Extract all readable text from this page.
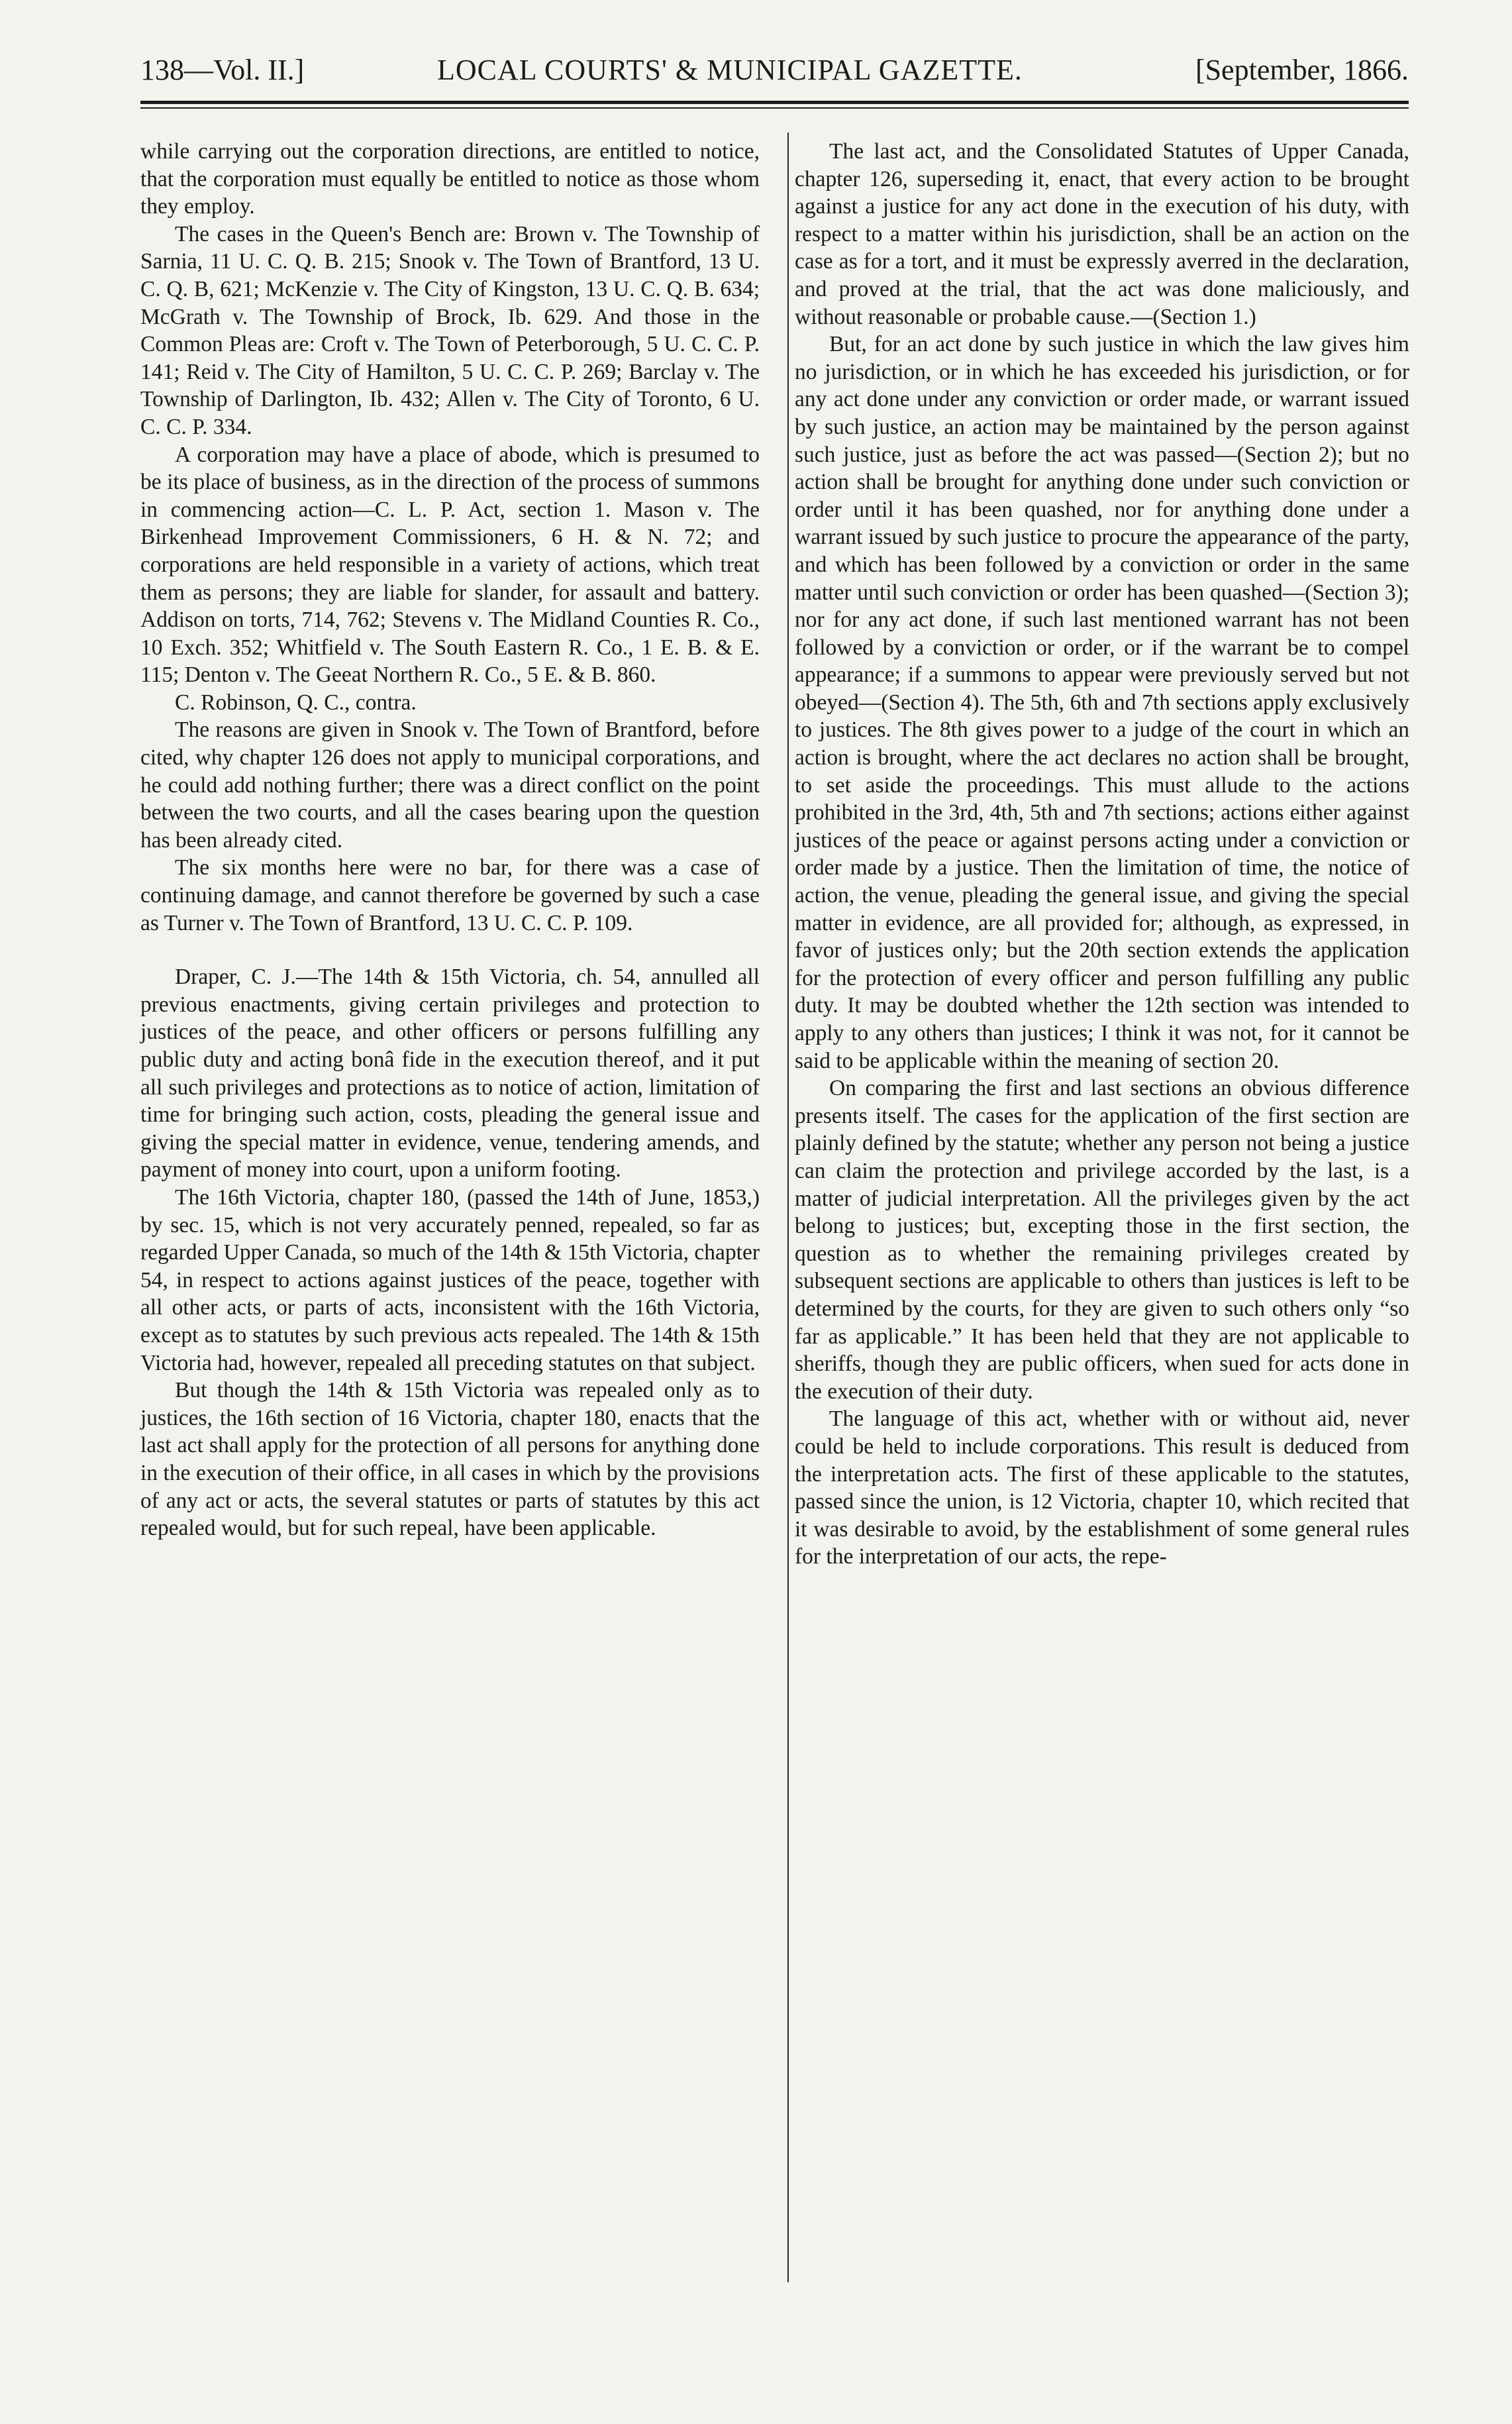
138—Vol. II.]	LOCAL COURTS' & MUNICIPAL GAZETTE.	[September, 1866.

while carrying out the corporation directions, are entitled to notice, that the corporation must equally be entitled to notice as those whom they employ.

The cases in the Queen's Bench are: Brown v. The Township of Sarnia, 11 U. C. Q. B. 215; Snook v. The Town of Brantford, 13 U. C. Q. B, 621; McKenzie v. The City of Kingston, 13 U. C. Q. B. 634; McGrath v. The Township of Brock, Ib. 629. And those in the Common Pleas are: Croft v. The Town of Peterborough, 5 U. C. C. P. 141; Reid v. The City of Hamilton, 5 U. C. C. P. 269; Barclay v. The Township of Darlington, Ib. 432; Allen v. The City of Toronto, 6 U. C. C. P. 334.

A corporation may have a place of abode, which is presumed to be its place of business, as in the direction of the process of summons in commencing action—C. L. P. Act, section 1. Mason v. The Birkenhead Improvement Commissioners, 6 H. & N. 72; and corporations are held responsible in a variety of actions, which treat them as persons; they are liable for slander, for assault and battery. Addison on torts, 714, 762; Stevens v. The Midland Counties R. Co., 10 Exch. 352; Whitfield v. The South Eastern R. Co., 1 E. B. & E. 115; Denton v. The Geeat Northern R. Co., 5 E. & B. 860.

C. Robinson, Q. C., contra.

The reasons are given in Snook v. The Town of Brantford, before cited, why chapter 126 does not apply to municipal corporations, and he could add nothing further; there was a direct conflict on the point between the two courts, and all the cases bearing upon the question has been already cited.

The six months here were no bar, for there was a case of continuing damage, and cannot therefore be governed by such a case as Turner v. The Town of Brantford, 13 U. C. C. P. 109.

Draper, C. J.—The 14th & 15th Victoria, ch. 54, annulled all previous enactments, giving certain privileges and protection to justices of the peace, and other officers or persons fulfilling any public duty and acting bonâ fide in the execution thereof, and it put all such privileges and protections as to notice of action, limitation of time for bringing such action, costs, pleading the general issue and giving the special matter in evidence, venue, tendering amends, and payment of money into court, upon a uniform footing.

The 16th Victoria, chapter 180, (passed the 14th of June, 1853,) by sec. 15, which is not very accurately penned, repealed, so far as regarded Upper Canada, so much of the 14th & 15th Victoria, chapter 54, in respect to actions against justices of the peace, together with all other acts, or parts of acts, inconsistent with the 16th Victoria, except as to statutes by such previous acts repealed. The 14th & 15th Victoria had, however, repealed all preceding statutes on that subject.

But though the 14th & 15th Victoria was repealed only as to justices, the 16th section of 16 Victoria, chapter 180, enacts that the last act shall apply for the protection of all persons for anything done in the execution of their office, in all cases in which by the provisions of any act or acts, the several statutes or parts of statutes by this act repealed would, but for such repeal, have been applicable.

The last act, and the Consolidated Statutes of Upper Canada, chapter 126, superseding it, enact, that every action to be brought against a justice for any act done in the execution of his duty, with respect to a matter within his jurisdiction, shall be an action on the case as for a tort, and it must be expressly averred in the declaration, and proved at the trial, that the act was done maliciously, and without reasonable or probable cause.—(Section 1.)

But, for an act done by such justice in which the law gives him no jurisdiction, or in which he has exceeded his jurisdiction, or for any act done under any conviction or order made, or warrant issued by such justice, an action may be maintained by the person against such justice, just as before the act was passed—(Section 2); but no action shall be brought for anything done under such conviction or order until it has been quashed, nor for anything done under a warrant issued by such justice to procure the appearance of the party, and which has been followed by a conviction or order in the same matter until such conviction or order has been quashed—(Section 3); nor for any act done, if such last mentioned warrant has not been followed by a conviction or order, or if the warrant be to compel appearance; if a summons to appear were previously served but not obeyed—(Section 4). The 5th, 6th and 7th sections apply exclusively to justices. The 8th gives power to a judge of the court in which an action is brought, where the act declares no action shall be brought, to set aside the proceedings. This must allude to the actions prohibited in the 3rd, 4th, 5th and 7th sections; actions either against justices of the peace or against persons acting under a conviction or order made by a justice. Then the limitation of time, the notice of action, the venue, pleading the general issue, and giving the special matter in evidence, are all provided for; although, as expressed, in favor of justices only; but the 20th section extends the application for the protection of every officer and person fulfilling any public duty. It may be doubted whether the 12th section was intended to apply to any others than justices; I think it was not, for it cannot be said to be applicable within the meaning of section 20.

On comparing the first and last sections an obvious difference presents itself. The cases for the application of the first section are plainly defined by the statute; whether any person not being a justice can claim the protection and privilege accorded by the last, is a matter of judicial interpretation. All the privileges given by the act belong to justices; but, excepting those in the first section, the question as to whether the remaining privileges created by subsequent sections are applicable to others than justices is left to be determined by the courts, for they are given to such others only “so far as applicable.” It has been held that they are not applicable to sheriffs, though they are public officers, when sued for acts done in the execution of their duty.

The language of this act, whether with or without aid, never could be held to include corporations. This result is deduced from the interpretation acts. The first of these applicable to the statutes, passed since the union, is 12 Victoria, chapter 10, which recited that it was desirable to avoid, by the establishment of some general rules for the interpretation of our acts, the repe-
